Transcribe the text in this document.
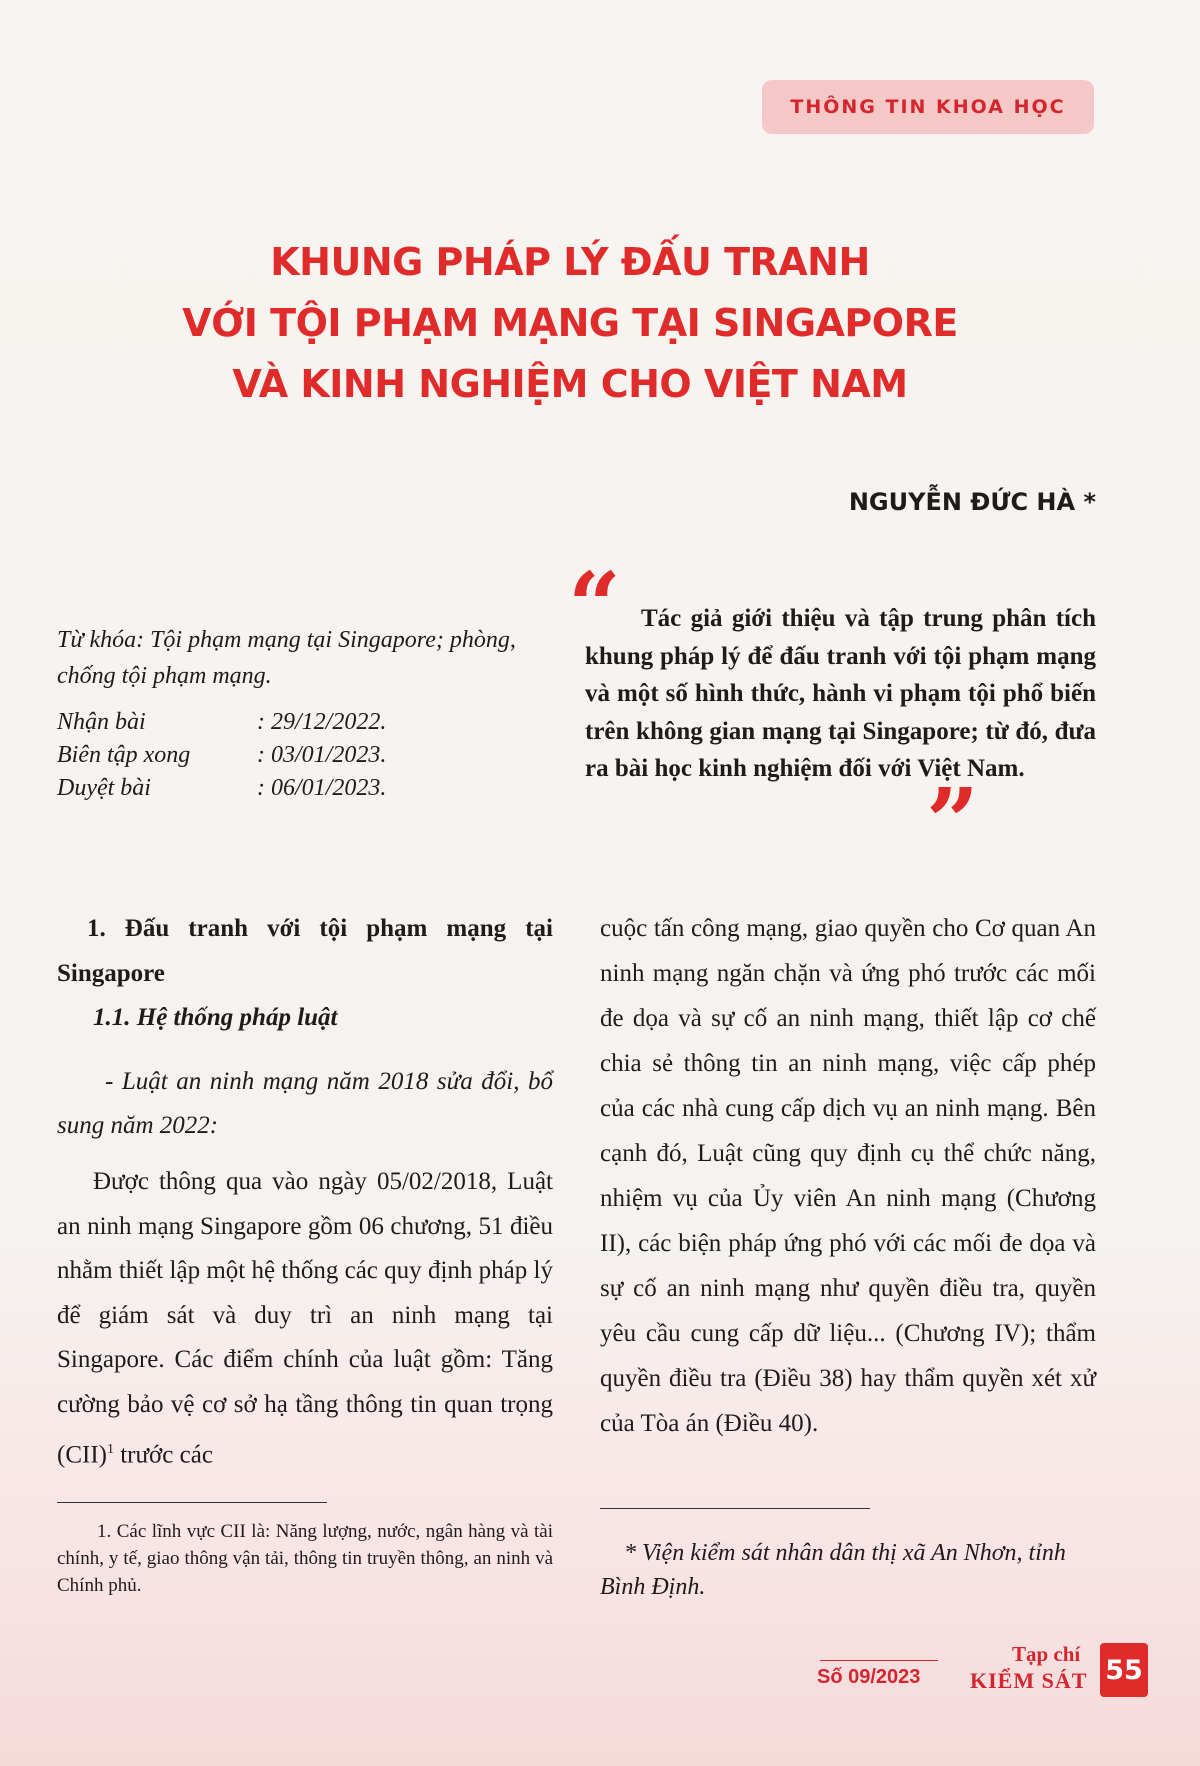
THÔNG TIN KHOA HỌC
KHUNG PHÁP LÝ ĐẤU TRANH
VỚI TỘI PHẠM MẠNG TẠI SINGAPORE
VÀ KINH NGHIỆM CHO VIỆT NAM
NGUYỄN ĐỨC HÀ *
“ Tác giả giới thiệu và tập trung phân tích khung pháp lý để đấu tranh với tội phạm mạng và một số hình thức, hành vi phạm tội phổ biến trên không gian mạng tại Singapore; từ đó, đưa ra bài học kinh nghiệm đối với Việt Nam.
”
Từ khóa: Tội phạm mạng tại Singapore; phòng, chống tội phạm mạng.
Nhận bài	: 29/12/2022.
Biên tập xong	: 03/01/2023.
Duyệt bài	: 06/01/2023.
1. Đấu tranh với tội phạm mạng tại Singapore
1.1. Hệ thống pháp luật
- Luật an ninh mạng năm 2018 sửa đổi, bổ sung năm 2022:
Được thông qua vào ngày 05/02/2018, Luật an ninh mạng Singapore gồm 06 chương, 51 điều nhằm thiết lập một hệ thống các quy định pháp lý để giám sát và duy trì an ninh mạng tại Singapore. Các điểm chính của luật gồm: Tăng cường bảo vệ cơ sở hạ tầng thông tin quan trọng (CII)$^1$ trước các
cuộc tấn công mạng, giao quyền cho Cơ quan An ninh mạng ngăn chặn và ứng phó trước các mối đe dọa và sự cố an ninh mạng, thiết lập cơ chế chia sẻ thông tin an ninh mạng, việc cấp phép của các nhà cung cấp dịch vụ an ninh mạng. Bên cạnh đó, Luật cũng quy định cụ thể chức năng, nhiệm vụ của Ủy viên An ninh mạng (Chương II), các biện pháp ứng phó với các mối đe dọa và sự cố an ninh mạng như quyền điều tra, quyền yêu cầu cung cấp dữ liệu... (Chương IV); thẩm quyền điều tra (Điều 38) hay thẩm quyền xét xử của Tòa án (Điều 40).
1. Các lĩnh vực CII là: Năng lượng, nước, ngân hàng và tài chính, y tế, giao thông vận tải, thông tin truyền thông, an ninh và Chính phủ.
* Viện kiểm sát nhân dân thị xã An Nhơn, tỉnh Bình Định.
Số 09/2023
Tạp chí
KIỂM SÁT 55
